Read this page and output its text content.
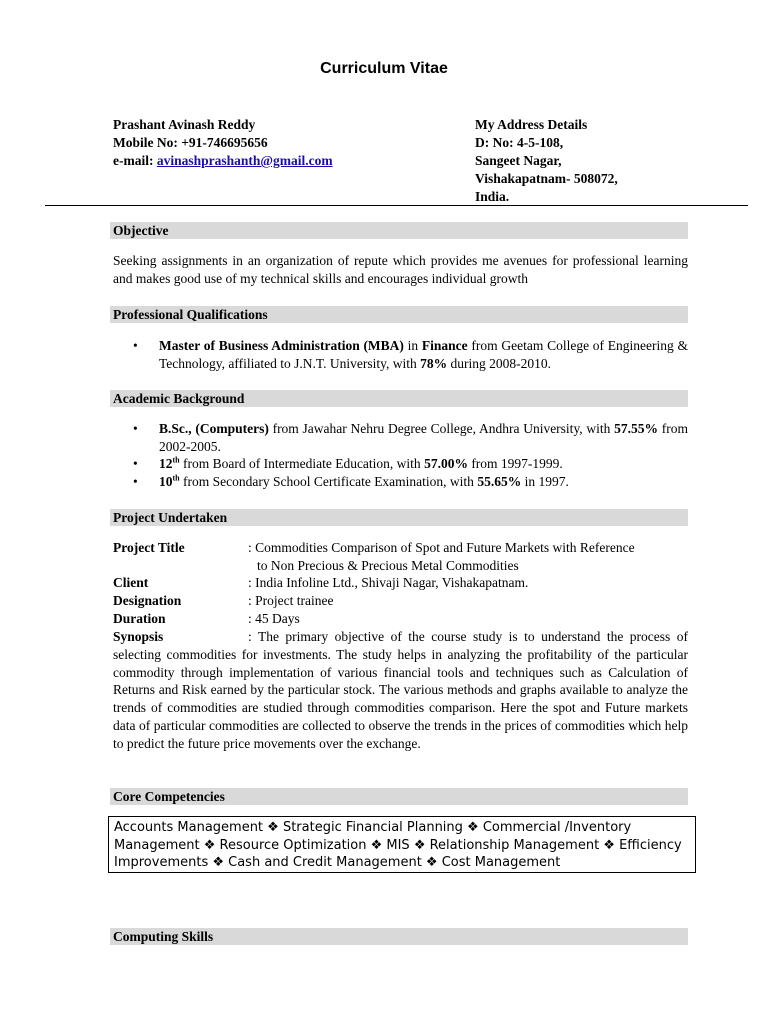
Curriculum Vitae
Prashant Avinash Reddy
Mobile No: +91-746695656
e-mail: avinashprashanth@gmail.com
My Address Details
D: No: 4-5-108,
Sangeet Nagar,
Vishakapatnam- 508072,
India.
Objective
Seeking assignments in an organization of repute which provides me avenues for professional learning and makes good use of my technical skills and encourages individual growth
Professional Qualifications
• Master of Business Administration (MBA) in Finance from Geetam College of Engineering & Technology, affiliated to J.N.T. University, with 78% during 2008-2010.
Academic Background
• B.Sc., (Computers) from Jawahar Nehru Degree College, Andhra University, with 57.55% from 2002-2005.
• 12th from Board of Intermediate Education, with 57.00% from 1997-1999.
• 10th from Secondary School Certificate Examination, with 55.65% in 1997.
Project Undertaken
Project Title	: Commodities Comparison of Spot and Future Markets with Reference
to Non Precious & Precious Metal Commodities
Client	: India Infoline Ltd., Shivaji Nagar, Vishakapatnam.
Designation	: Project trainee
Duration	: 45 Days
Synopsis	: The primary objective of the course study is to understand the process of selecting commodities for investments. The study helps in analyzing the profitability of the particular commodity through implementation of various financial tools and techniques such as Calculation of Returns and Risk earned by the particular stock. The various methods and graphs available to analyze the trends of commodities are studied through commodities comparison. Here the spot and Future markets data of particular commodities are collected to observe the trends in the prices of commodities which help to predict the future price movements over the exchange.
Core Competencies
Accounts Management ❖ Strategic Financial Planning ❖ Commercial /Inventory Management ❖ Resource Optimization ❖ MIS ❖ Relationship Management ❖ Efficiency Improvements ❖ Cash and Credit Management ❖ Cost Management
Computing Skills
